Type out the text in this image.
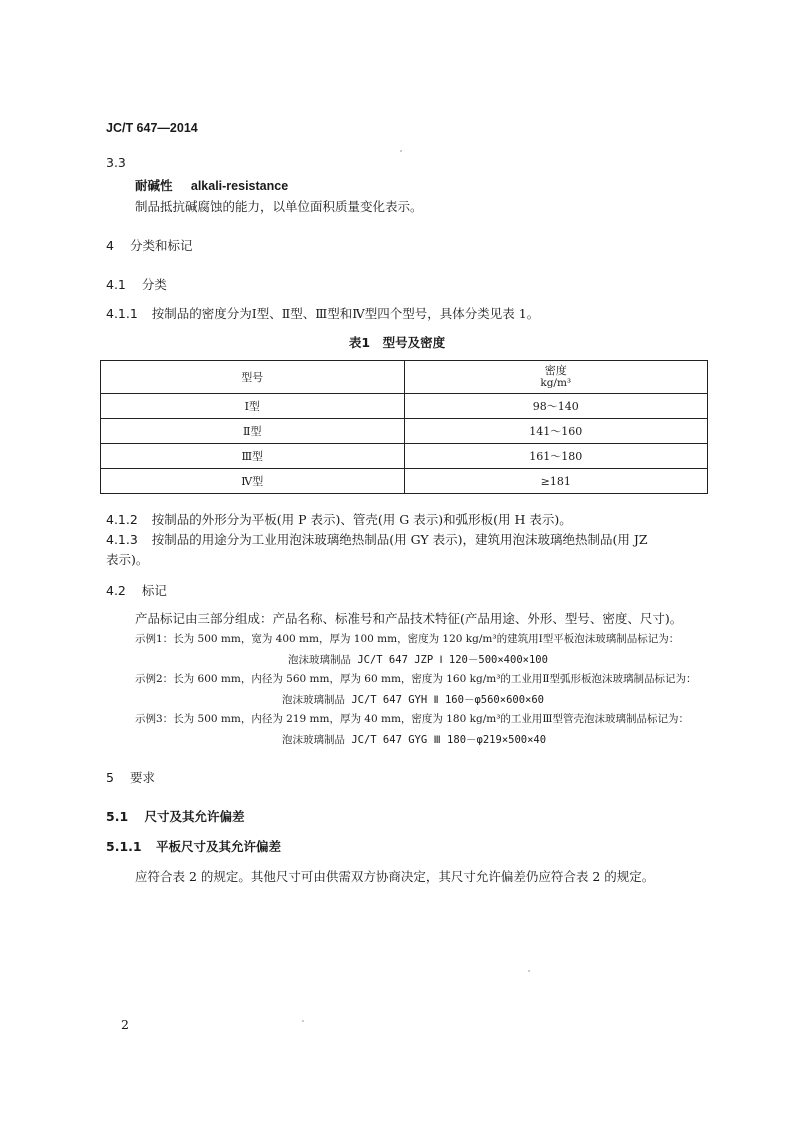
JC/T 647—2014
3.3
耐碱性 alkali-resistance
制品抵抗碱腐蚀的能力，以单位面积质量变化表示。
4 分类和标记
4.1 分类
4.1.1 按制品的密度分为Ⅰ型、Ⅱ型、Ⅲ型和Ⅳ型四个型号，具体分类见表 1。
表1　型号及密度
型号	密度
kg/m³

Ⅰ型	98～140
Ⅱ型	141～160
Ⅲ型	161～180
Ⅳ型	≥181
4.1.2 按制品的外形分为平板(用 P 表示)、管壳(用 G 表示)和弧形板(用 H 表示)。
4.1.3 按制品的用途分为工业用泡沫玻璃绝热制品(用 GY 表示)，建筑用泡沫玻璃绝热制品(用 JZ
表示)。
4.2 标记
产品标记由三部分组成：产品名称、标准号和产品技术特征(产品用途、外形、型号、密度、尺寸)。
示例1：长为 500 mm，宽为 400 mm，厚为 100 mm，密度为 120 kg/m³的建筑用Ⅰ型平板泡沫玻璃制品标记为：
泡沫玻璃制品 JC/T 647 JZP Ⅰ 120－500×400×100
示例2：长为 600 mm，内径为 560 mm，厚为 60 mm，密度为 160 kg/m³的工业用Ⅱ型弧形板泡沫玻璃制品标记为：
泡沫玻璃制品 JC/T 647 GYH Ⅱ 160－φ560×600×60
示例3：长为 500 mm，内径为 219 mm，厚为 40 mm，密度为 180 kg/m³的工业用Ⅲ型管壳泡沫玻璃制品标记为：
泡沫玻璃制品 JC/T 647 GYG Ⅲ 180－φ219×500×40
5 要求
5.1 尺寸及其允许偏差
5.1.1 平板尺寸及其允许偏差
应符合表 2 的规定。其他尺寸可由供需双方协商决定，其尺寸允许偏差仍应符合表 2 的规定。
2
